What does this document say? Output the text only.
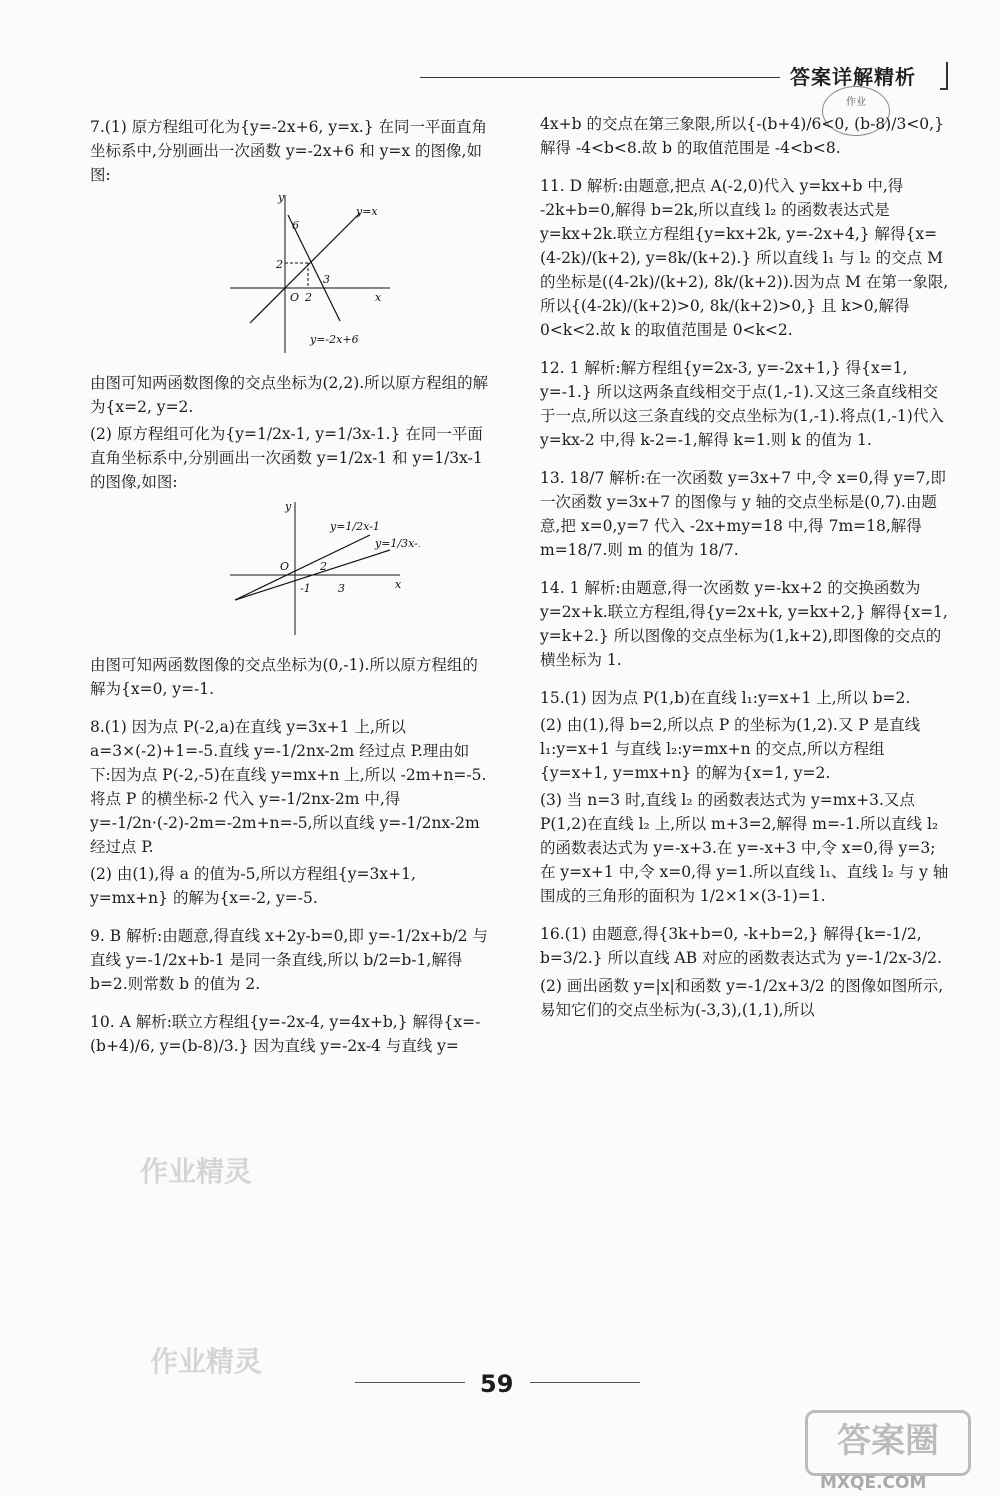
答案详解精析
作业
7.(1) 原方程组可化为{y=-2x+6, y=x.} 在同一平面直角坐标系中,分别画出一次函数 y=-2x+6 和 y=x 的图像,如图:
y
x
O
y=x
y=-2x+6
6
2
2
3
由图可知两函数图像的交点坐标为(2,2).所以原方程组的解为{x=2, y=2.
(2) 原方程组可化为{y=1/2x-1, y=1/3x-1.} 在同一平面直角坐标系中,分别画出一次函数 y=1/2x-1 和 y=1/3x-1 的图像,如图:
y
x
O
y=1/2x-1
y=1/3x-1
2
3
-1
由图可知两函数图像的交点坐标为(0,-1).所以原方程组的解为{x=0, y=-1.
8.(1) 因为点 P(-2,a)在直线 y=3x+1 上,所以 a=3×(-2)+1=-5.直线 y=-1/2nx-2m 经过点 P.理由如下:因为点 P(-2,-5)在直线 y=mx+n 上,所以 -2m+n=-5.将点 P 的横坐标-2 代入 y=-1/2nx-2m 中,得 y=-1/2n·(-2)-2m=-2m+n=-5,所以直线 y=-1/2nx-2m 经过点 P.
(2) 由(1),得 a 的值为-5,所以方程组{y=3x+1, y=mx+n} 的解为{x=-2, y=-5.
9. B 解析:由题意,得直线 x+2y-b=0,即 y=-1/2x+b/2 与直线 y=-1/2x+b-1 是同一条直线,所以 b/2=b-1,解得 b=2.则常数 b 的值为 2.
10. A 解析:联立方程组{y=-2x-4, y=4x+b,} 解得{x=-(b+4)/6, y=(b-8)/3.} 因为直线 y=-2x-4 与直线 y=
4x+b 的交点在第三象限,所以{-(b+4)/6<0, (b-8)/3<0,} 解得 -4<b<8.故 b 的取值范围是 -4<b<8.
11. D 解析:由题意,把点 A(-2,0)代入 y=kx+b 中,得 -2k+b=0,解得 b=2k,所以直线 l₂ 的函数表达式是 y=kx+2k.联立方程组{y=kx+2k, y=-2x+4,} 解得{x=(4-2k)/(k+2), y=8k/(k+2).} 所以直线 l₁ 与 l₂ 的交点 M 的坐标是((4-2k)/(k+2), 8k/(k+2)).因为点 M 在第一象限,所以{(4-2k)/(k+2)>0, 8k/(k+2)>0,} 且 k>0,解得 0<k<2.故 k 的取值范围是 0<k<2.
12. 1 解析:解方程组{y=2x-3, y=-2x+1,} 得{x=1, y=-1.} 所以这两条直线相交于点(1,-1).又这三条直线相交于一点,所以这三条直线的交点坐标为(1,-1).将点(1,-1)代入 y=kx-2 中,得 k-2=-1,解得 k=1.则 k 的值为 1.
13. 18/7 解析:在一次函数 y=3x+7 中,令 x=0,得 y=7,即一次函数 y=3x+7 的图像与 y 轴的交点坐标是(0,7).由题意,把 x=0,y=7 代入 -2x+my=18 中,得 7m=18,解得 m=18/7.则 m 的值为 18/7.
14. 1 解析:由题意,得一次函数 y=-kx+2 的交换函数为 y=2x+k.联立方程组,得{y=2x+k, y=kx+2,} 解得{x=1, y=k+2.} 所以图像的交点坐标为(1,k+2),即图像的交点的横坐标为 1.
15.(1) 因为点 P(1,b)在直线 l₁:y=x+1 上,所以 b=2.
(2) 由(1),得 b=2,所以点 P 的坐标为(1,2).又 P 是直线 l₁:y=x+1 与直线 l₂:y=mx+n 的交点,所以方程组{y=x+1, y=mx+n} 的解为{x=1, y=2.
(3) 当 n=3 时,直线 l₂ 的函数表达式为 y=mx+3.又点 P(1,2)在直线 l₂ 上,所以 m+3=2,解得 m=-1.所以直线 l₂ 的函数表达式为 y=-x+3.在 y=-x+3 中,令 x=0,得 y=3;在 y=x+1 中,令 x=0,得 y=1.所以直线 l₁、直线 l₂ 与 y 轴围成的三角形的面积为 1/2×1×(3-1)=1.
16.(1) 由题意,得{3k+b=0, -k+b=2,} 解得{k=-1/2, b=3/2.} 所以直线 AB 对应的函数表达式为 y=-1/2x-3/2.
(2) 画出函数 y=|x|和函数 y=-1/2x+3/2 的图像如图所示,易知它们的交点坐标为(-3,3),(1,1),所以
59
作业精灵
作业精灵
答案圈
MXQE.COM
